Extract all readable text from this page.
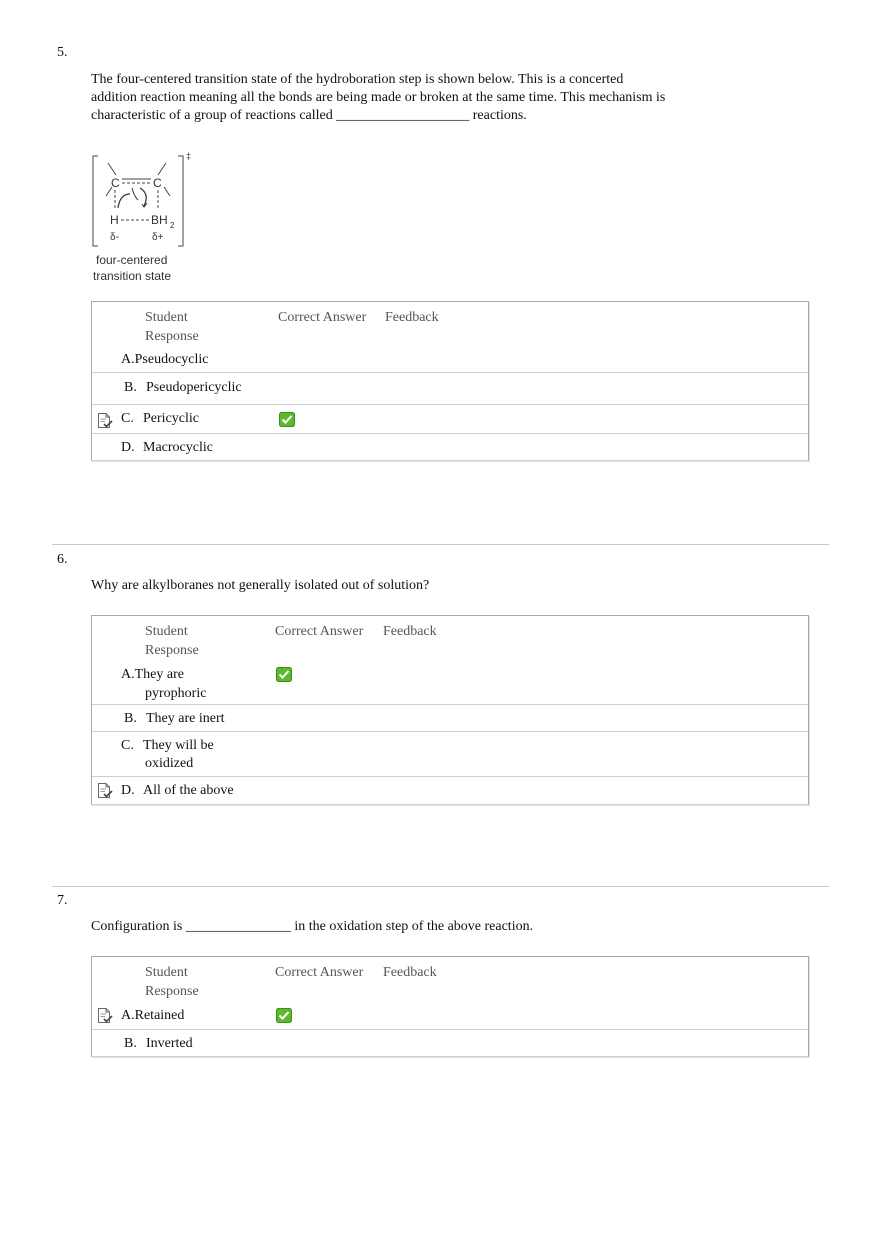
5.
The four-centered transition state of the hydroboration step is shown below. This is a concerted addition reaction meaning all the bonds are being made or broken at the same time. This mechanism is characteristic of a group of reactions called ___________________ reactions.
‡
C	C
H	BH 2
δ-	δ+
four-centered
transition state
Student
Response
Correct Answer Feedback
A.Pseudocyclic
B. Pseudopericyclic
C. Pericyclic
D. Macrocyclic
6.
Why are alkylboranes not generally isolated out of solution?
Student
Response
Correct Answer Feedback
A.They are
pyrophoric
B. They are inert
C. They will be
oxidized
D. All of the above
7.
Configuration is _______________ in the oxidation step of the above reaction.
Student
Response
Correct Answer Feedback
A.Retained
B. Inverted
